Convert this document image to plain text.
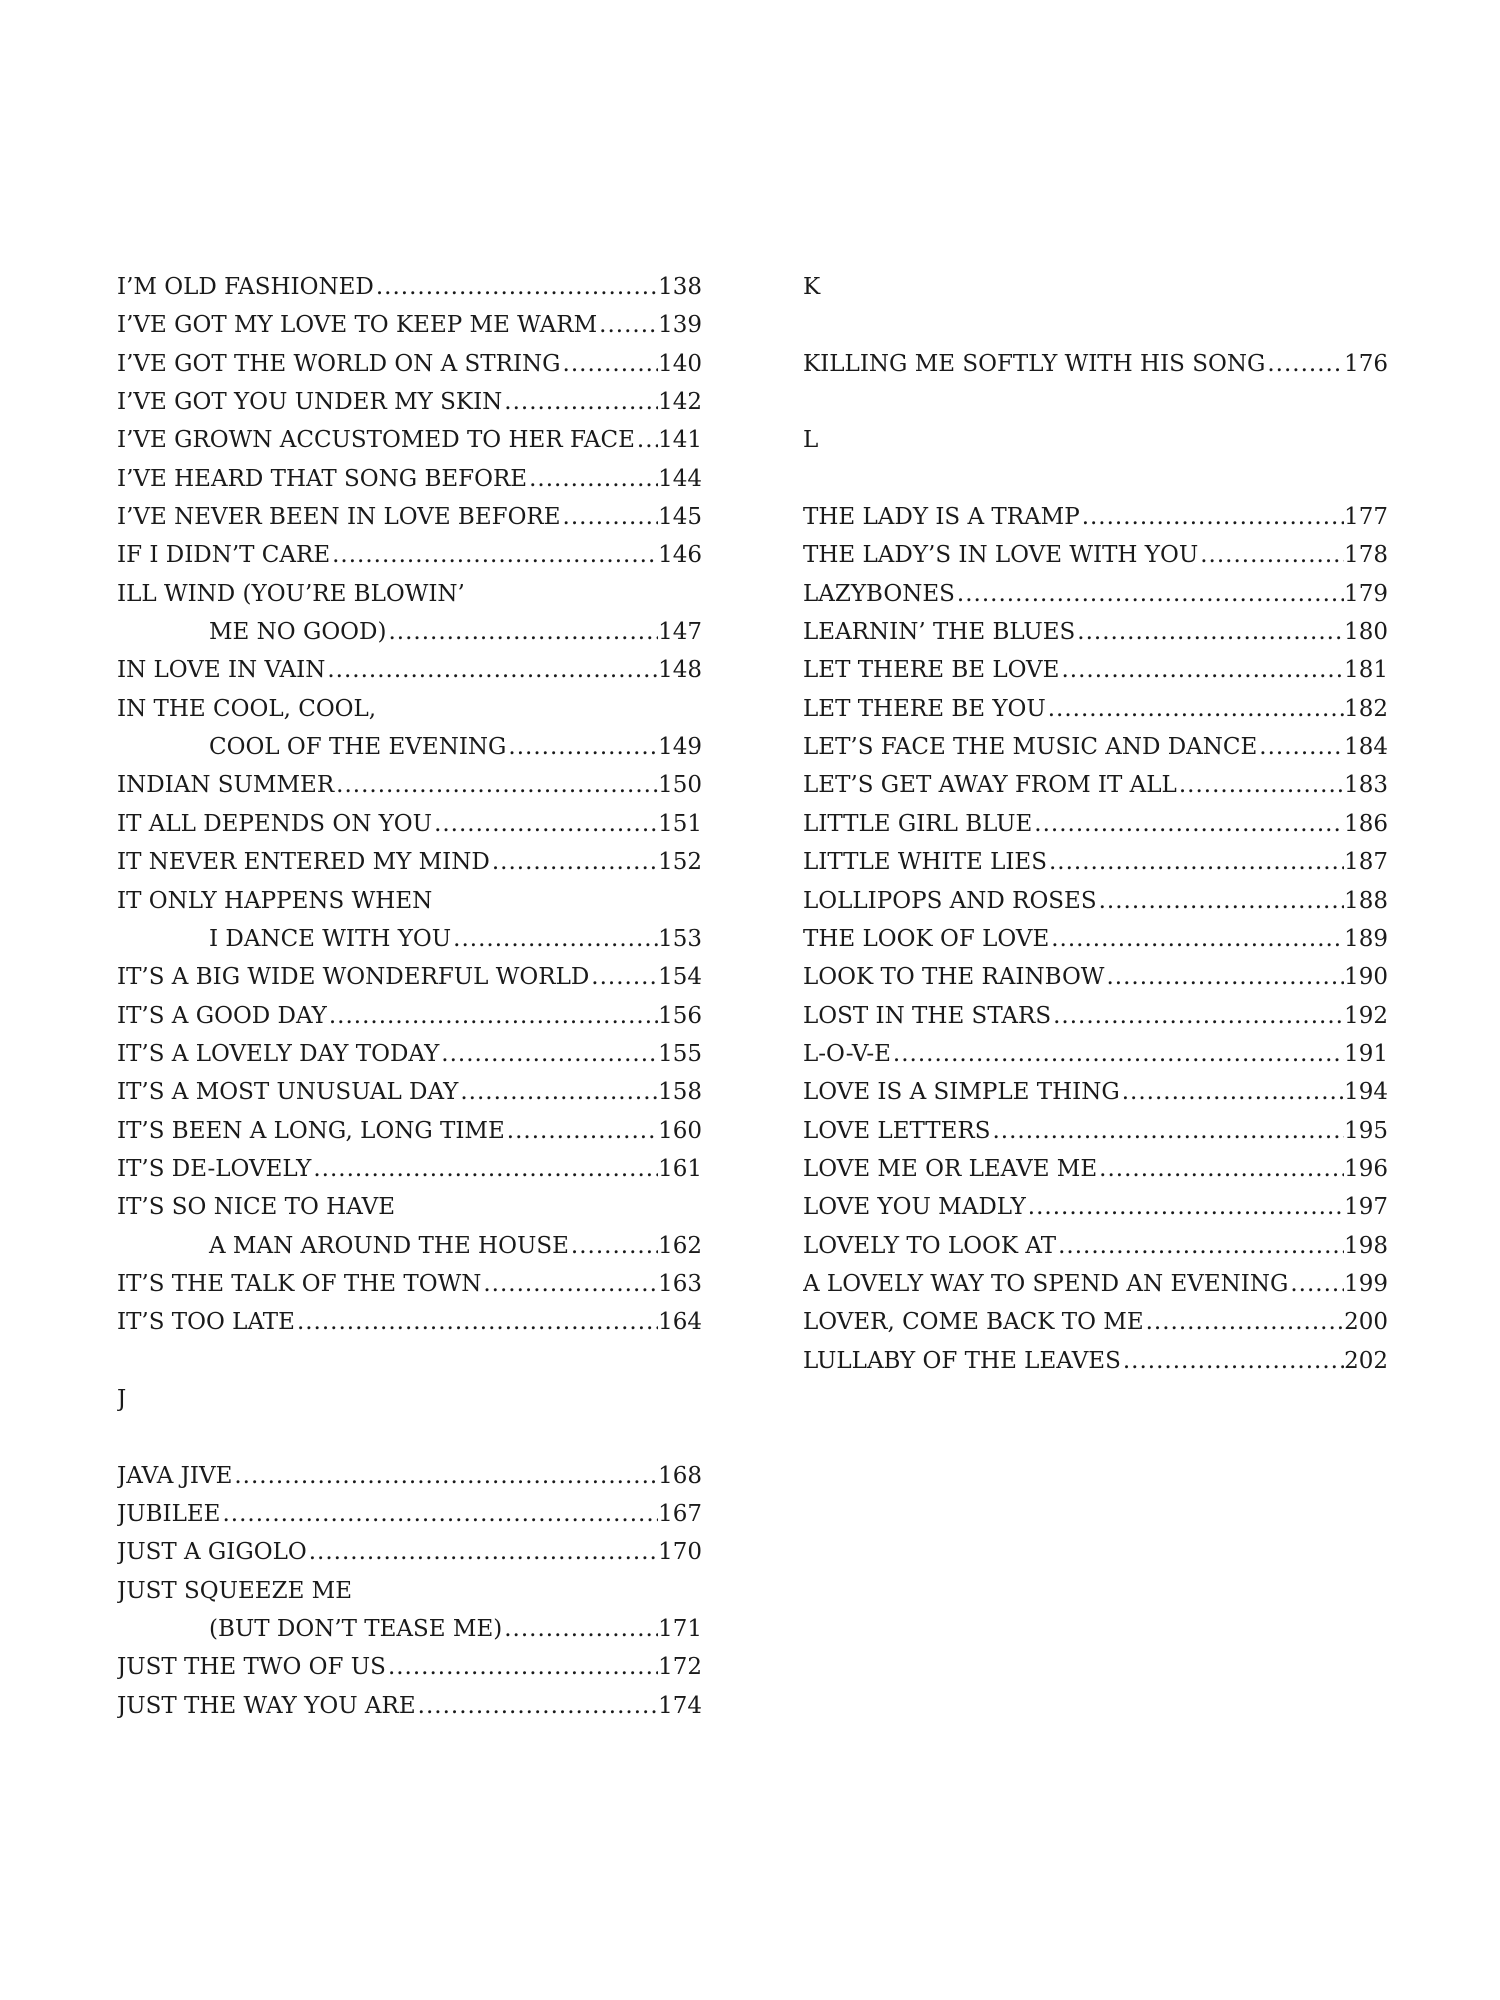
I’M OLD FASHIONED .....	138
I’VE GOT MY LOVE TO KEEP ME WARM .....	139
I’VE GOT THE WORLD ON A STRING .....	140
I’VE GOT YOU UNDER MY SKIN .....	142
I’VE GROWN ACCUSTOMED TO HER FACE ..... 141
I’VE HEARD THAT SONG BEFORE .....	144
I’VE NEVER BEEN IN LOVE BEFORE .....	145
IF I DIDN’T CARE .....	146
ILL WIND (YOU’RE BLOWIN’
ME NO GOOD) .....	147
IN LOVE IN VAIN .....	148
IN THE COOL, COOL,
COOL OF THE EVENING .....	149
INDIAN SUMMER .....	150
IT ALL DEPENDS ON YOU .....	151
IT NEVER ENTERED MY MIND .....	152
IT ONLY HAPPENS WHEN
I DANCE WITH YOU .....	153
IT’S A BIG WIDE WONDERFUL WORLD .....	154
IT’S A GOOD DAY .....	156
IT’S A LOVELY DAY TODAY .....	155
IT’S A MOST UNUSUAL DAY .....	158
IT’S BEEN A LONG, LONG TIME .....	160
IT’S DE-LOVELY .....	161
IT’S SO NICE TO HAVE
A MAN AROUND THE HOUSE .....	162
IT’S THE TALK OF THE TOWN .....	163
IT’S TOO LATE .....	164
J
JAVA JIVE .....	168
JUBILEE .....	167
JUST A GIGOLO .....	170
JUST SQUEEZE ME
(BUT DON’T TEASE ME) .....	171
JUST THE TWO OF US .....	172
JUST THE WAY YOU ARE .....	174
K
KILLING ME SOFTLY WITH HIS SONG .....	176
L
THE LADY IS A TRAMP .....	177
THE LADY’S IN LOVE WITH YOU .....	178
LAZYBONES .....	179
LEARNIN’ THE BLUES .....	180
LET THERE BE LOVE .....	181
LET THERE BE YOU .....	182
LET’S FACE THE MUSIC AND DANCE .....	184
LET’S GET AWAY FROM IT ALL .....	183
LITTLE GIRL BLUE .....	186
LITTLE WHITE LIES .....	187
LOLLIPOPS AND ROSES .....	188
THE LOOK OF LOVE .....	189
LOOK TO THE RAINBOW .....	190
LOST IN THE STARS .....	192
L-O-V-E .....	191
LOVE IS A SIMPLE THING .....	194
LOVE LETTERS .....	195
LOVE ME OR LEAVE ME .....	196
LOVE YOU MADLY .....	197
LOVELY TO LOOK AT .....	198
A LOVELY WAY TO SPEND AN EVENING ..... 199
LOVER, COME BACK TO ME .....	200
LULLABY OF THE LEAVES .....	202
